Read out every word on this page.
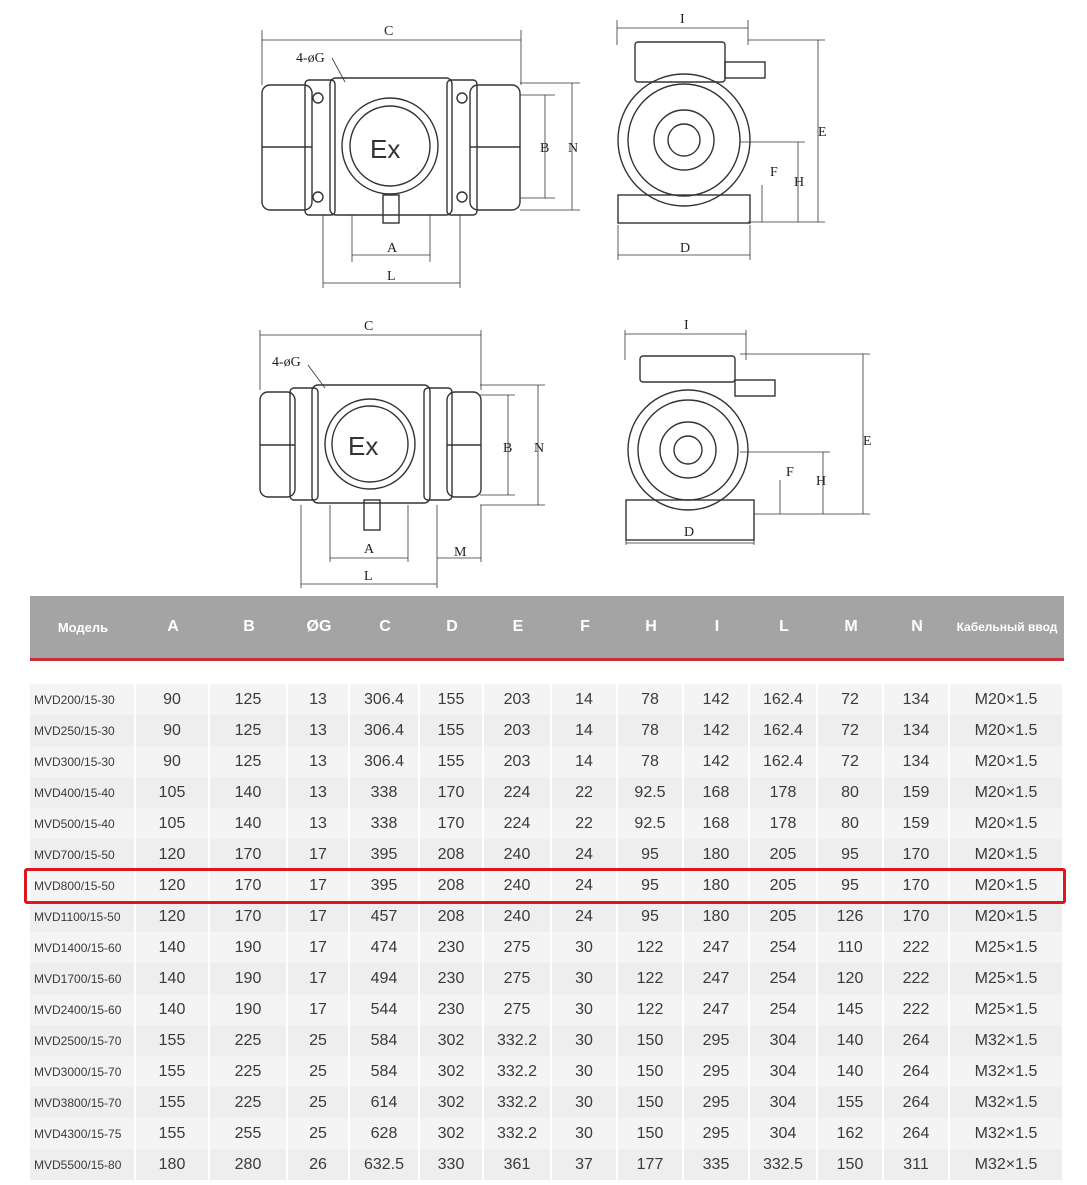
C
4-øG
B N
A
L
Ex
I
E
F
H
D
C
4-øG
B N
A
L
M
Ex
I
E
F
H
D
Модель	A	B	ØG	C	D	E	F	H	I	L	M	N	Кабельный ввод

MVD200/15-30	90	125	13	306.4	155	203	14	78	142	162.4	72	134	M20×1.5
MVD250/15-30	90	125	13	306.4	155	203	14	78	142	162.4	72	134	M20×1.5
MVD300/15-30	90	125	13	306.4	155	203	14	78	142	162.4	72	134	M20×1.5
MVD400/15-40	105	140	13	338	170	224	22	92.5	168	178	80	159	M20×1.5
MVD500/15-40	105	140	13	338	170	224	22	92.5	168	178	80	159	M20×1.5
MVD700/15-50	120	170	17	395	208	240	24	95	180	205	95	170	M20×1.5
MVD800/15-50	120	170	17	395	208	240	24	95	180	205	95	170	M20×1.5
MVD1100/15-50	120	170	17	457	208	240	24	95	180	205	126	170	M20×1.5
MVD1400/15-60	140	190	17	474	230	275	30	122	247	254	110	222	M25×1.5
MVD1700/15-60	140	190	17	494	230	275	30	122	247	254	120	222	M25×1.5
MVD2400/15-60	140	190	17	544	230	275	30	122	247	254	145	222	M25×1.5
MVD2500/15-70	155	225	25	584	302	332.2	30	150	295	304	140	264	M32×1.5
MVD3000/15-70	155	225	25	584	302	332.2	30	150	295	304	140	264	M32×1.5
MVD3800/15-70	155	225	25	614	302	332.2	30	150	295	304	155	264	M32×1.5
MVD4300/15-75	155	255	25	628	302	332.2	30	150	295	304	162	264	M32×1.5
MVD5500/15-80	180	280	26	632.5	330	361	37	177	335	332.5	150	311	M32×1.5
